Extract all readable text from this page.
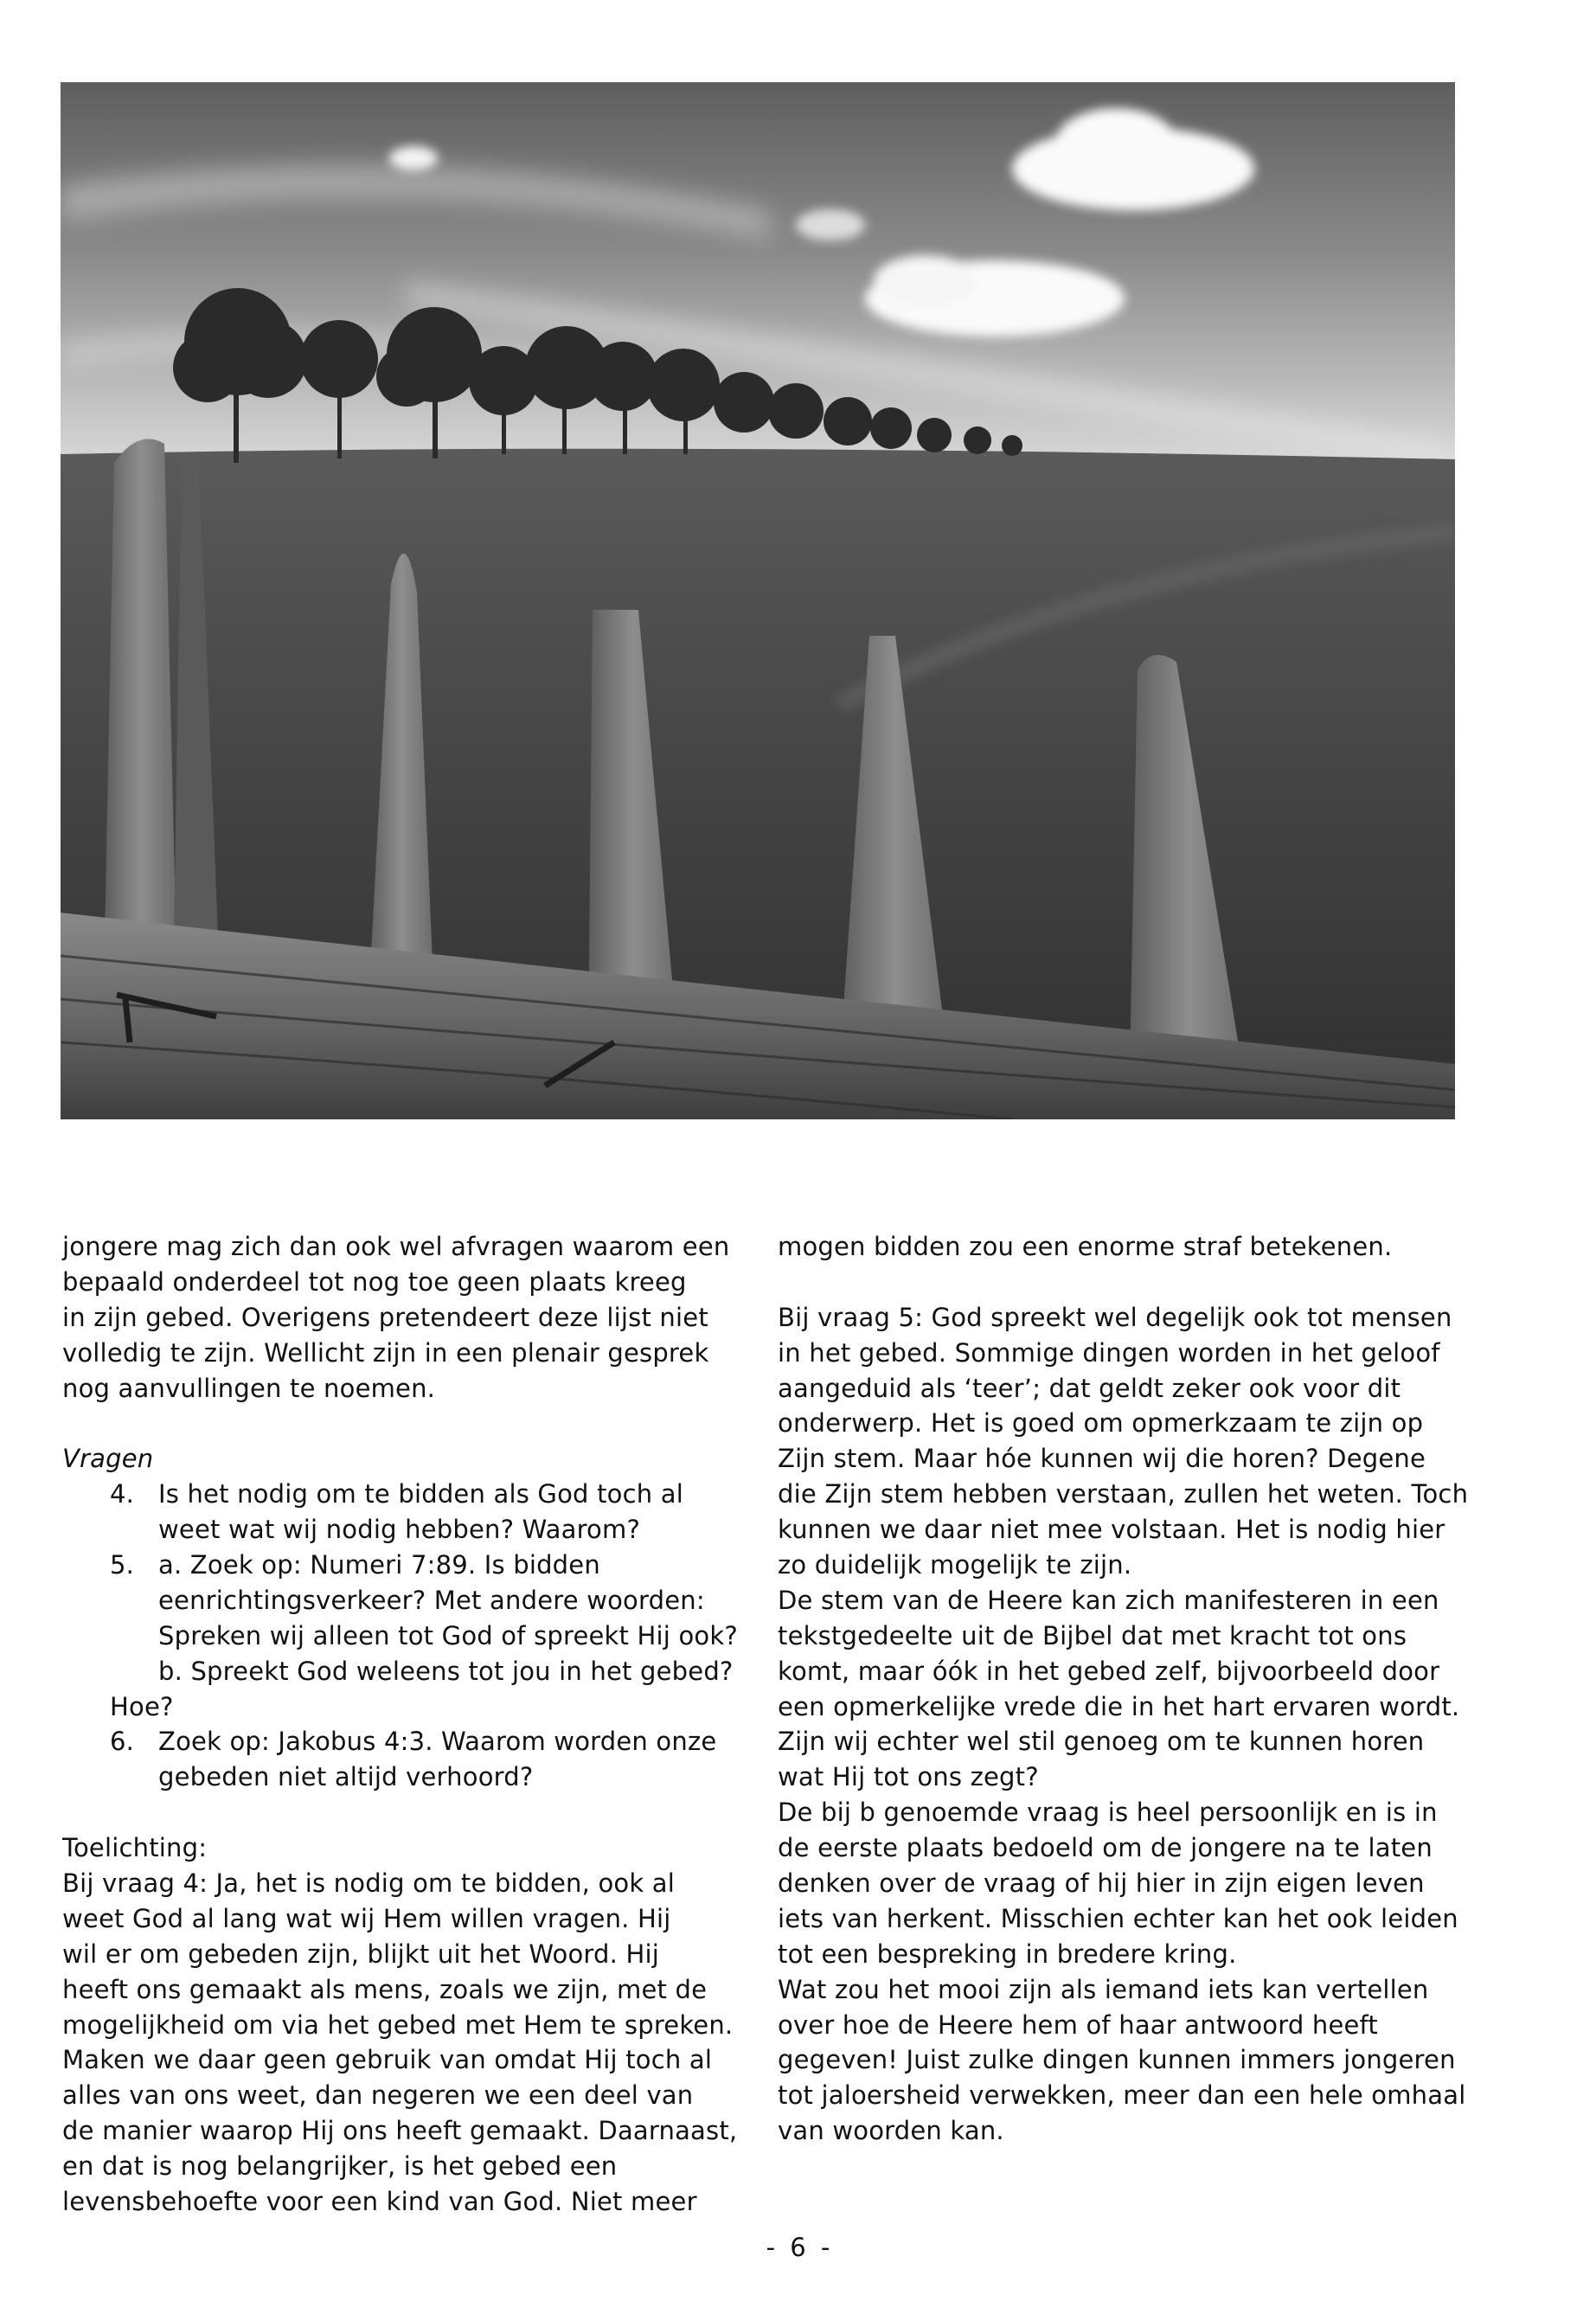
jongere mag zich dan ook wel afvragen waarom een
bepaald onderdeel tot nog toe geen plaats kreeg
in zijn gebed. Overigens pretendeert deze lijst niet
volledig te zijn. Wellicht zijn in een plenair gesprek
nog aanvullingen te noemen.
Vragen
4. Is het nodig om te bidden als God toch al
weet wat wij nodig hebben? Waarom?
5. a. Zoek op: Numeri 7:89. Is bidden
eenrichtingsverkeer? Met andere woorden:
Spreken wij alleen tot God of spreekt Hij ook?
b. Spreekt God weleens tot jou in het gebed?
Hoe?
6. Zoek op: Jakobus 4:3. Waarom worden onze
gebeden niet altijd verhoord?
Toelichting:
Bij vraag 4: Ja, het is nodig om te bidden, ook al
weet God al lang wat wij Hem willen vragen. Hij
wil er om gebeden zijn, blijkt uit het Woord. Hij
heeft ons gemaakt als mens, zoals we zijn, met de
mogelijkheid om via het gebed met Hem te spreken.
Maken we daar geen gebruik van omdat Hij toch al
alles van ons weet, dan negeren we een deel van
de manier waarop Hij ons heeft gemaakt. Daarnaast,
en dat is nog belangrijker, is het gebed een
levensbehoefte voor een kind van God. Niet meer
mogen bidden zou een enorme straf betekenen.
Bij vraag 5: God spreekt wel degelijk ook tot mensen
in het gebed. Sommige dingen worden in het geloof
aangeduid als ‘teer’; dat geldt zeker ook voor dit
onderwerp. Het is goed om opmerkzaam te zijn op
Zijn stem. Maar hóe kunnen wij die horen? Degene
die Zijn stem hebben verstaan, zullen het weten. Toch
kunnen we daar niet mee volstaan. Het is nodig hier
zo duidelijk mogelijk te zijn.
De stem van de Heere kan zich manifesteren in een
tekstgedeelte uit de Bijbel dat met kracht tot ons
komt, maar óók in het gebed zelf, bijvoorbeeld door
een opmerkelijke vrede die in het hart ervaren wordt.
Zijn wij echter wel stil genoeg om te kunnen horen
wat Hij tot ons zegt?
De bij b genoemde vraag is heel persoonlijk en is in
de eerste plaats bedoeld om de jongere na te laten
denken over de vraag of hij hier in zijn eigen leven
iets van herkent. Misschien echter kan het ook leiden
tot een bespreking in bredere kring.
Wat zou het mooi zijn als iemand iets kan vertellen
over hoe de Heere hem of haar antwoord heeft
gegeven! Juist zulke dingen kunnen immers jongeren
tot jaloersheid verwekken, meer dan een hele omhaal
van woorden kan.
- 6 -
